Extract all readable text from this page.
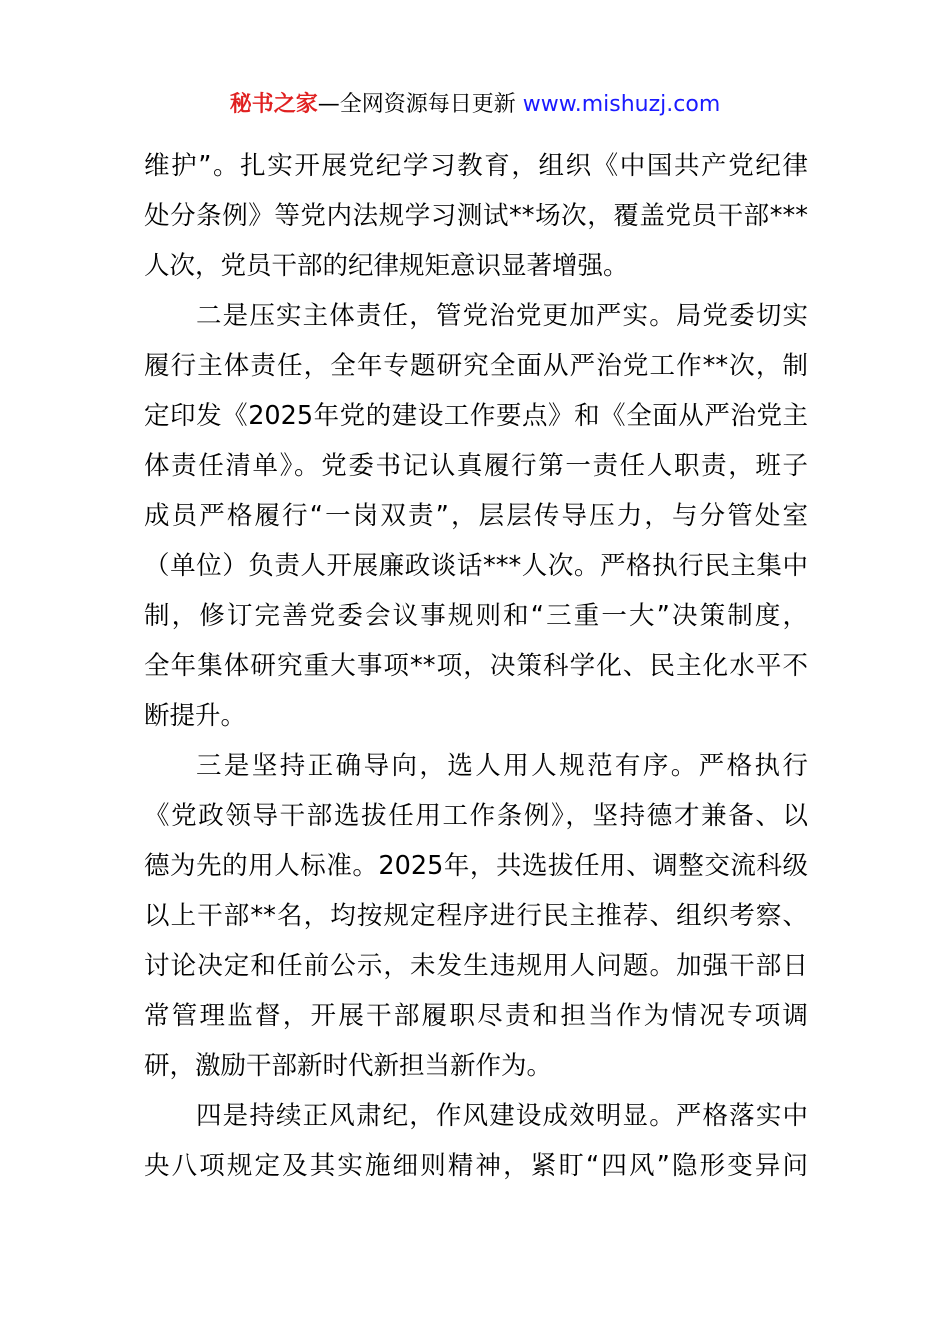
秘书之家—全网资源每日更新 www.mishuzj.com
维护”。扎实开展党纪学习教育，组织《中国共产党纪律
处分条例》等党内法规学习测试**场次，覆盖党员干部***
人次，党员干部的纪律规矩意识显著增强。
二是压实主体责任，管党治党更加严实。局党委切实
履行主体责任，全年专题研究全面从严治党工作**次，制
定印发《2025年党的建设工作要点》和《全面从严治党主
体责任清单》。党委书记认真履行第一责任人职责，班子
成员严格履行“一岗双责”，层层传导压力，与分管处室
（单位）负责人开展廉政谈话***人次。严格执行民主集中
制，修订完善党委会议事规则和“三重一大”决策制度，
全年集体研究重大事项**项，决策科学化、民主化水平不
断提升。
三是坚持正确导向，选人用人规范有序。严格执行
《党政领导干部选拔任用工作条例》，坚持德才兼备、以
德为先的用人标准。2025年，共选拔任用、调整交流科级
以上干部**名，均按规定程序进行民主推荐、组织考察、
讨论决定和任前公示，未发生违规用人问题。加强干部日
常管理监督，开展干部履职尽责和担当作为情况专项调
研，激励干部新时代新担当新作为。
四是持续正风肃纪，作风建设成效明显。严格落实中
央八项规定及其实施细则精神，紧盯“四风”隐形变异问
